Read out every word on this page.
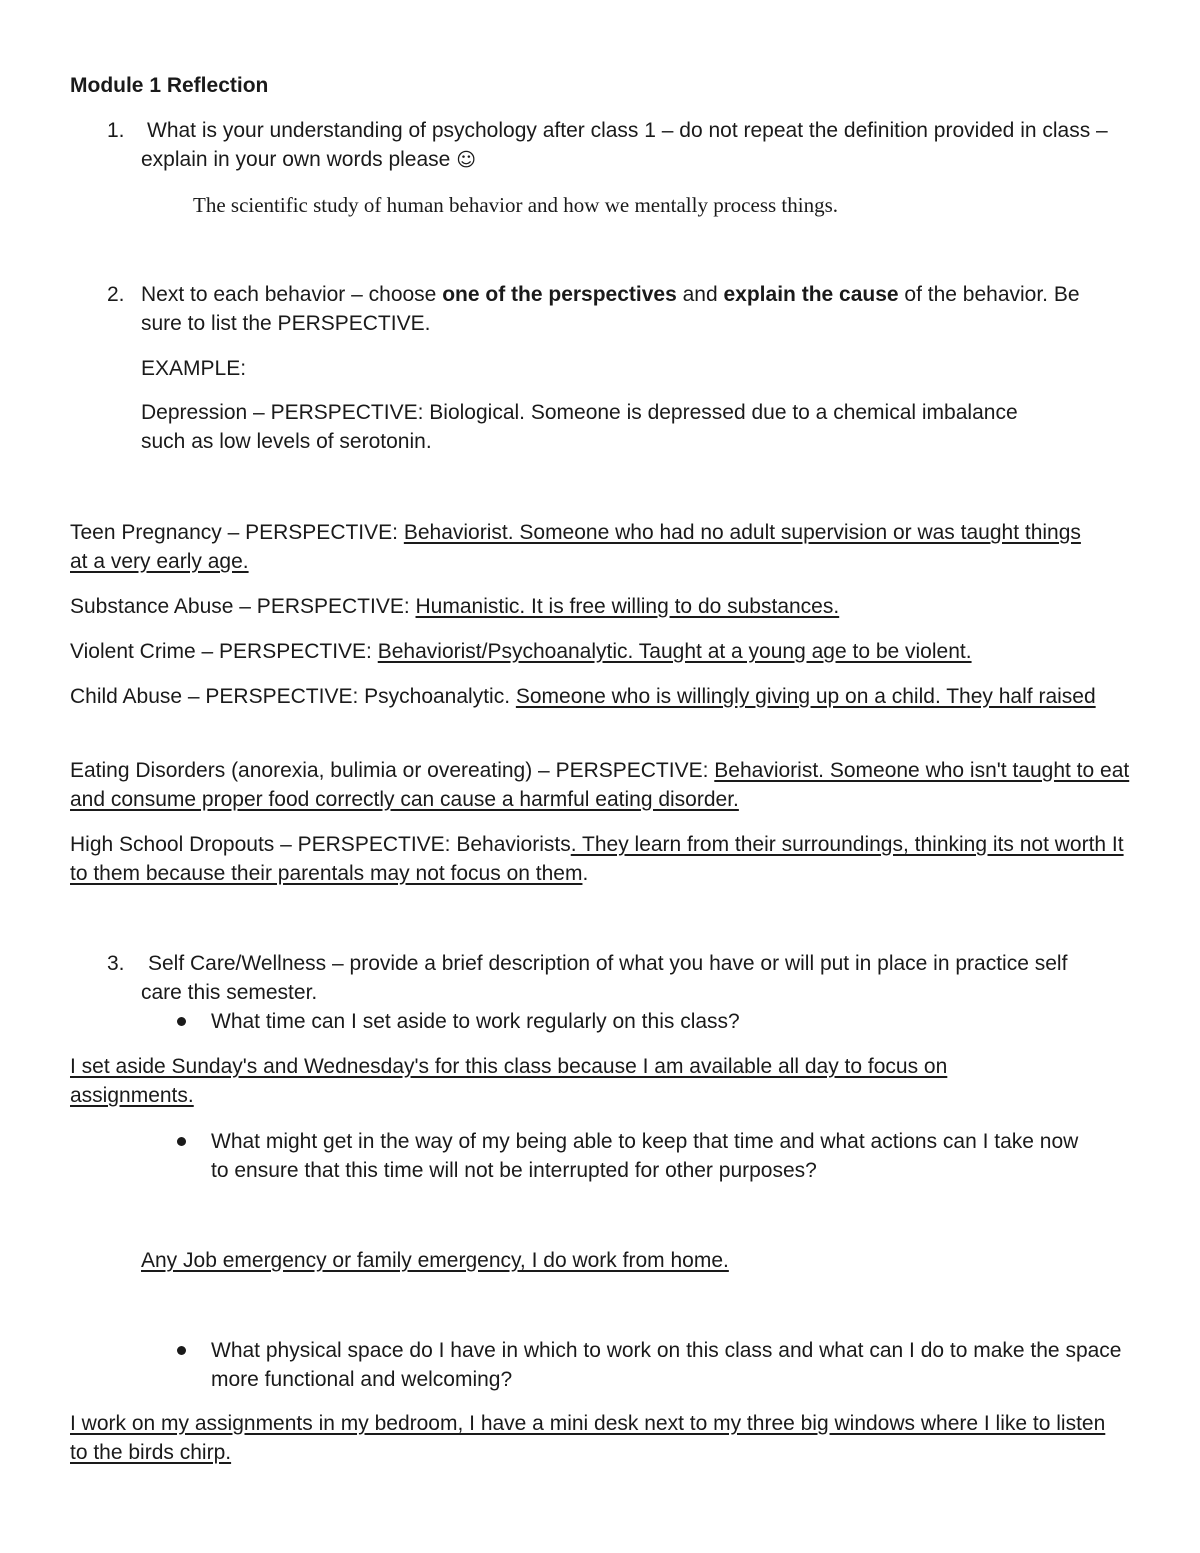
Module 1 Reflection
1. What is your understanding of psychology after class 1 – do not repeat the definition provided in class – explain in your own words please ☺
The scientific study of human behavior and how we mentally process things.
2. Next to each behavior – choose one of the perspectives and explain the cause of the behavior. Be sure to list the PERSPECTIVE.
EXAMPLE:
Depression – PERSPECTIVE: Biological. Someone is depressed due to a chemical imbalance such as low levels of serotonin.
Teen Pregnancy – PERSPECTIVE: Behaviorist. Someone who had no adult supervision or was taught things at a very early age.
Substance Abuse – PERSPECTIVE: Humanistic. It is free willing to do substances.
Violent Crime – PERSPECTIVE: Behaviorist/Psychoanalytic. Taught at a young age to be violent.
Child Abuse – PERSPECTIVE: Psychoanalytic. Someone who is willingly giving up on a child. They half raised
Eating Disorders (anorexia, bulimia or overeating) – PERSPECTIVE: Behaviorist. Someone who isn't taught to eat and consume proper food correctly can cause a harmful eating disorder.
High School Dropouts – PERSPECTIVE: Behaviorists. They learn from their surroundings, thinking its not worth It to them because their parentals may not focus on them.
3.	Self Care/Wellness – provide a brief description of what you have or will put in place in practice self care this semester.
What time can I set aside to work regularly on this class?
I set aside Sunday's and Wednesday's for this class because I am available all day to focus on assignments.
What might get in the way of my being able to keep that time and what actions can I take now to ensure that this time will not be interrupted for other purposes?
Any Job emergency or family emergency, I do work from home.
What physical space do I have in which to work on this class and what can I do to make the space more functional and welcoming?
I work on my assignments in my bedroom, I have a mini desk next to my three big windows where I like to listen to the birds chirp.
